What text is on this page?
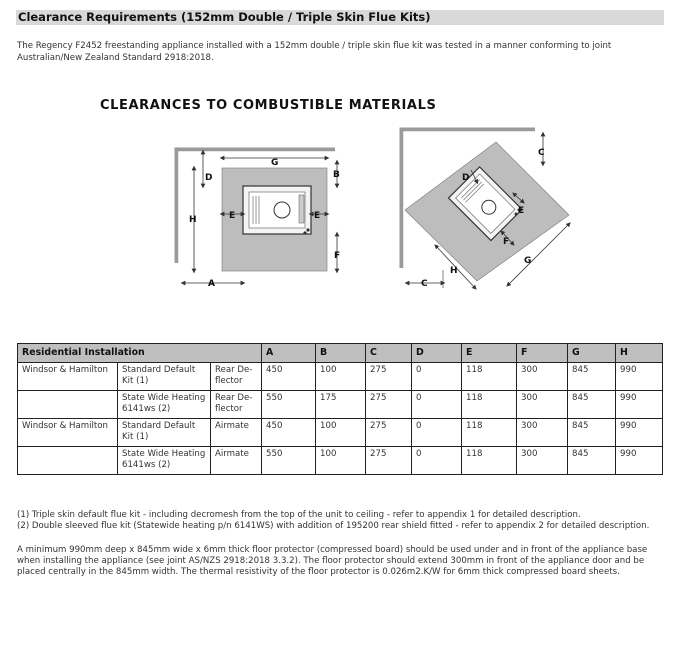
Clearance Requirements (152mm Double / Triple Skin Flue Kits)

The Regency F2452 freestanding appliance installed with a 152mm double / triple skin flue kit was tested in a manner conforming to joint Australian/New Zealand Standard 2918:2018.

CLEARANCES TO COMBUSTIBLE MATERIALS
G
D	B
H	E	E
F
A
C
D
E
F
G
H
C
Residential Installation			A	B	C	D	E	F	G	H
Windsor & Hamilton	Standard Default Kit (1)	Rear De-flector	450	100	275	0	118	300	845	990
	State Wide Heating 6141ws (2)	Rear De-flector	550	175	275	0	118	300	845	990
Windsor & Hamilton	Standard Default Kit (1)	Airmate	450	100	275	0	118	300	845	990
	State Wide Heating 6141ws (2)	Airmate	550	100	275	0	118	300	845	990

(1) Triple skin default flue kit - including decromesh from the top of the unit to ceiling - refer to appendix 1 for detailed description.

(2) Double sleeved flue kit (Statewide heating p/n 6141WS) with addition of 195200 rear shield fitted - refer to appendix 2 for detailed description.

A minimum 990mm deep x 845mm wide x 6mm thick floor protector (compressed board) should be used under and in front of the appliance base when installing the appliance (see joint AS/NZS 2918:2018 3.3.2). The floor protector should extend 300mm in front of the appliance door and be placed centrally in the 845mm width. The thermal resistivity of the floor protector is 0.026m2.K/W for 6mm thick compressed board sheets.
